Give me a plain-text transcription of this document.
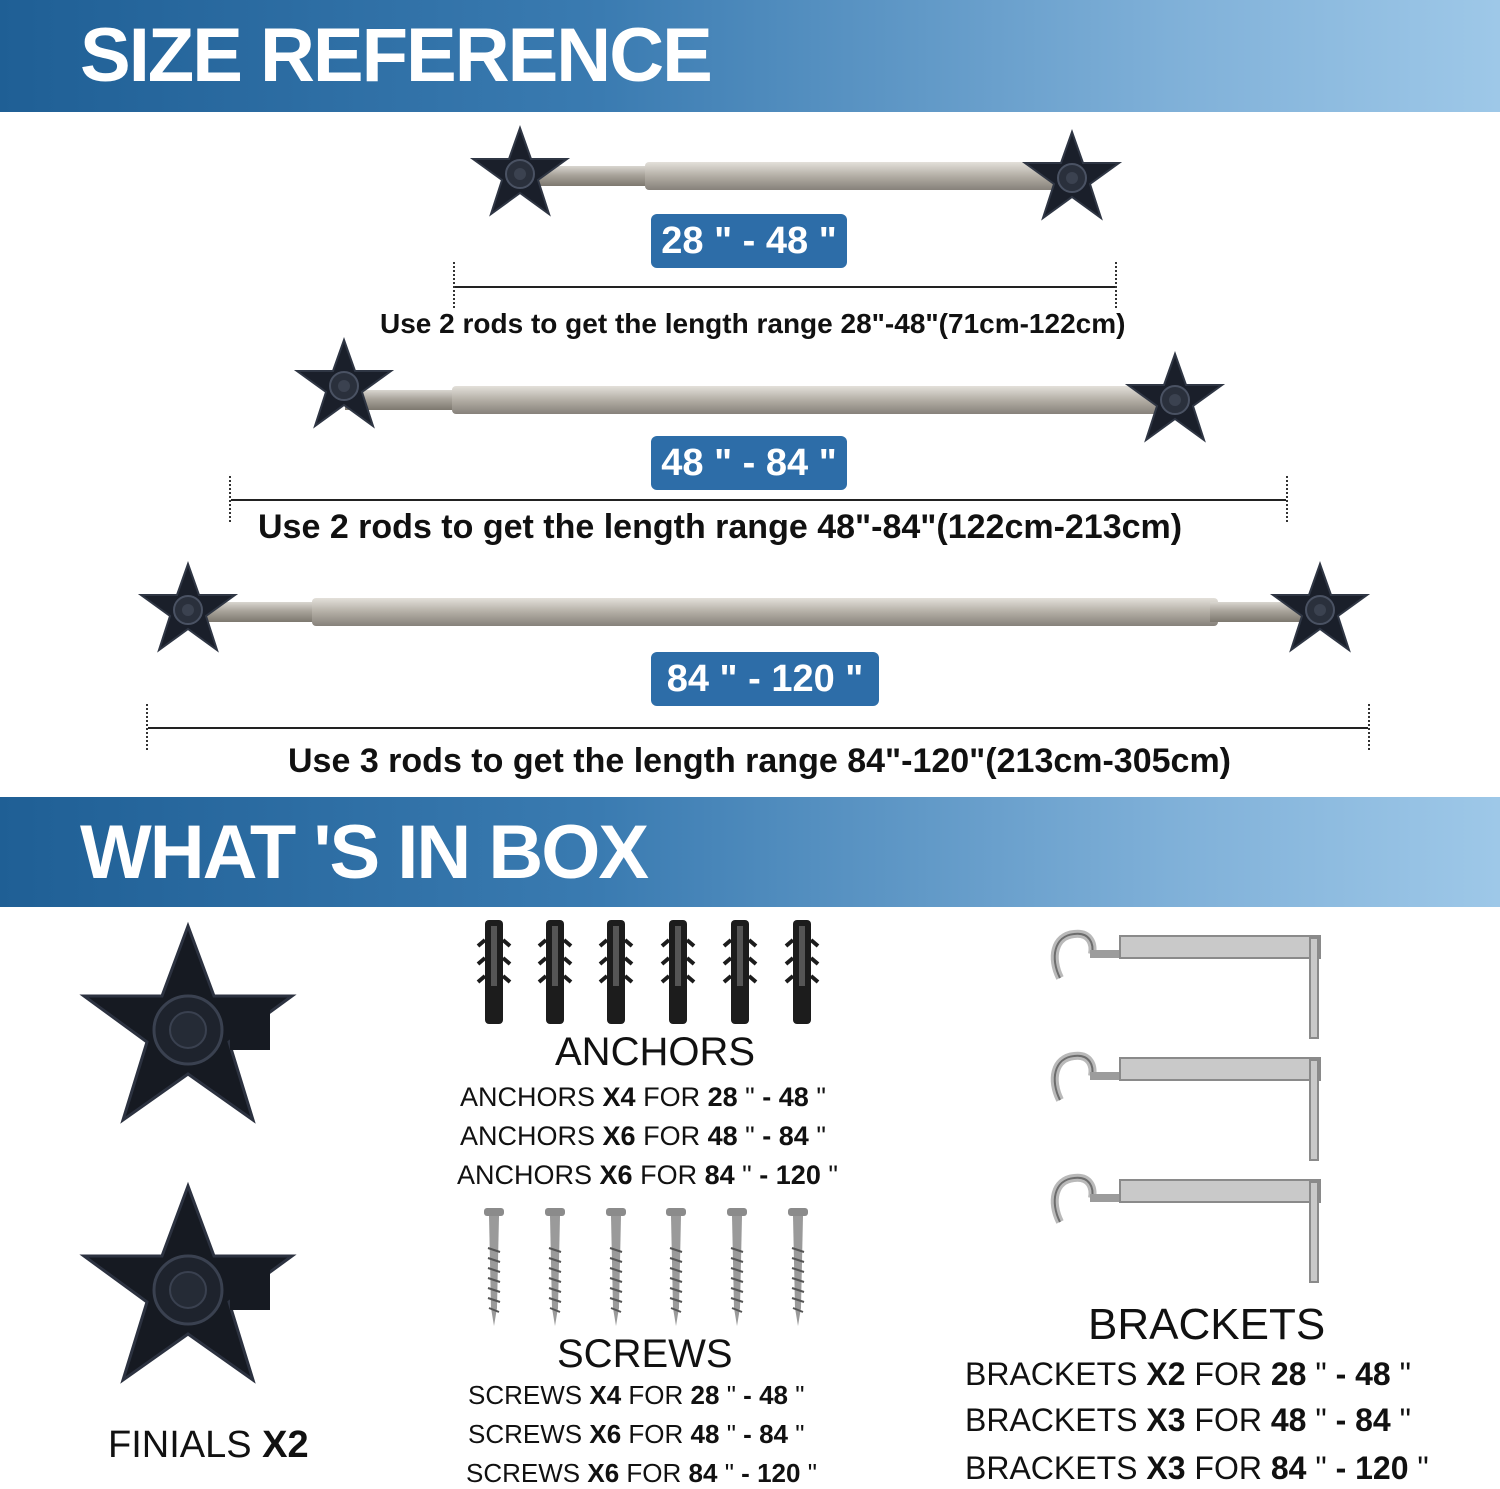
SIZE REFERENCE
28 " - 48 "
48 " - 84 "
84 " - 120 "
Use 2 rods to get the length range 28"-48"(71cm-122cm)
Use 2 rods to get the length range 48"-84"(122cm-213cm)
Use 3 rods to get the length range 84"-120"(213cm-305cm)
WHAT 'S IN BOX
FINIALS X2
ANCHORS
ANCHORS X4 FOR 28 " - 48 "
ANCHORS X6 FOR 48 " - 84 "
ANCHORS X6 FOR 84 " - 120 "
SCREWS
SCREWS X4 FOR 28 " - 48 "
SCREWS X6 FOR 48 " - 84 "
SCREWS X6 FOR 84 " - 120 "
BRACKETS
BRACKETS X2 FOR 28 " - 48 "
BRACKETS X3 FOR 48 " - 84 "
BRACKETS X3 FOR 84 " - 120 "
